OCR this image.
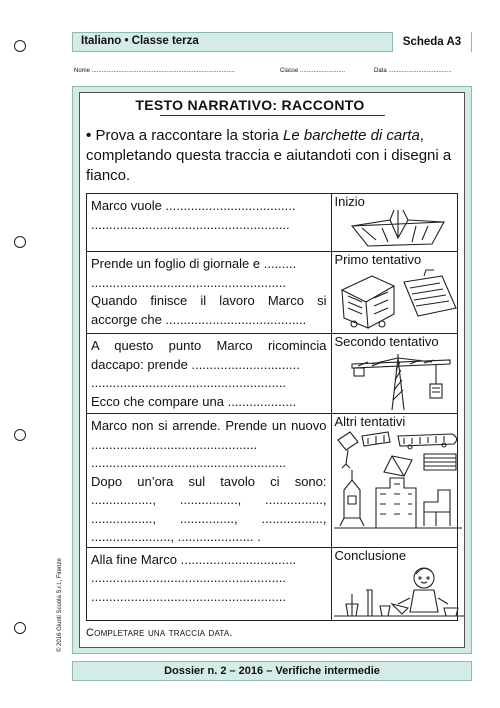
Italiano • Classe terza	Scheda A3
Nome ......................................................................................	Classe ...........................	Data ......................................
TESTO NARRATIVO: RACCONTO
• Prova a raccontare la storia Le barchette di carta, completando questa traccia e aiutandoti con i disegni a fianco.

Marco vuole ....................................

.......................................................	Inizio

Prende un foglio di giornale e .........

......................................................

Quando finisce il lavoro Marco si accorge che .......................................	Primo tentativo

A questo punto Marco ricomincia daccapo: prende ..............................

......................................................

Ecco che compare una ...................	Secondo tentativo

Marco non si arrende. Prende un nuovo ..............................................

......................................................

Dopo un’ora sul tavolo ci sono: ................., ................, ................, ................., ..............., ................., ......................, ..................... .	Altri tentativi

Alla fine Marco ................................

......................................................

......................................................	Conclusione
Completare una traccia data.
Dossier n. 2 – 2016 – Verifiche intermedie
© 2016 Giunti Scuola S.r.l., Firenze
